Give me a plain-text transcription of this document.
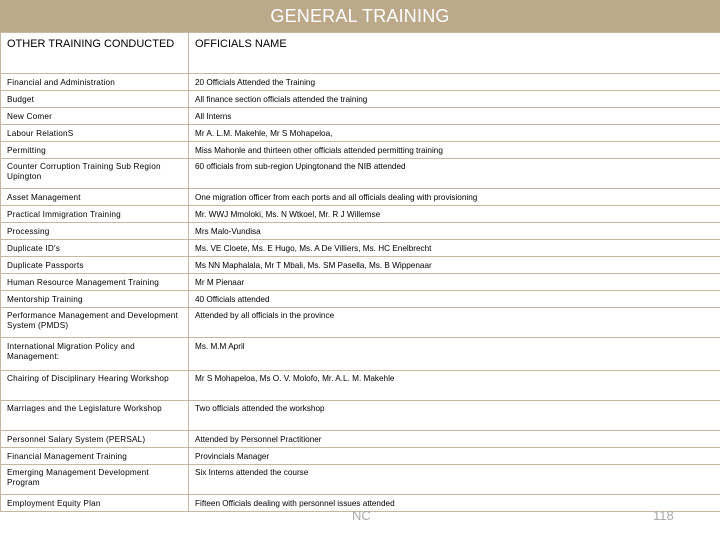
GENERAL TRAINING
OTHER TRAINING CONDUCTED	OFFICIALS NAME
Financial and Administration	20 Officials Attended the Training
Budget	All finance section officials attended the training
New Comer	All Interns
Labour RelationS	Mr A. L.M. Makehle, Mr S Mohapeloa,
Permitting	Miss Mahonle and thirteen other officials attended permitting training
Counter Corruption Training Sub Region Upington	60 officials from sub-region Upingtonand the NIB attended
Asset Management	One migration officer from each ports and all officials dealing with provisioning
Practical Immigration Training	Mr. WWJ Mmoloki, Ms. N Wtkoel, Mr. R J Willemse
Processing	Mrs Malo-Vundisa
Duplicate ID's	Ms. VE Cloete, Ms. E Hugo, Ms. A De Villiers, Ms. HC Enelbrecht
Duplicate Passports	Ms NN Maphalala, Mr T Mbali, Ms. SM Pasella, Ms. B Wippenaar
Human Resource Management Training	Mr M Pienaar
Mentorship Training	40 Officials attended
Performance Management and Development System (PMDS)	Attended by all officials in the province
International Migration Policy and Management:	Ms. M.M April
Chairing of Disciplinary Hearing Workshop	Mr S Mohapeloa, Ms O. V. Molofo, Mr. A.L. M. Makehle
Marriages and the Legislature Workshop	Two officials attended the workshop
Personnel Salary System (PERSAL)	Attended by Personnel Practitioner
Financial Management Training	Provincials Manager
Emerging Management Development Program	Six Interns attended the course
Employment Equity Plan	Fifteen Officials dealing with personnel issues attended
NC	118
